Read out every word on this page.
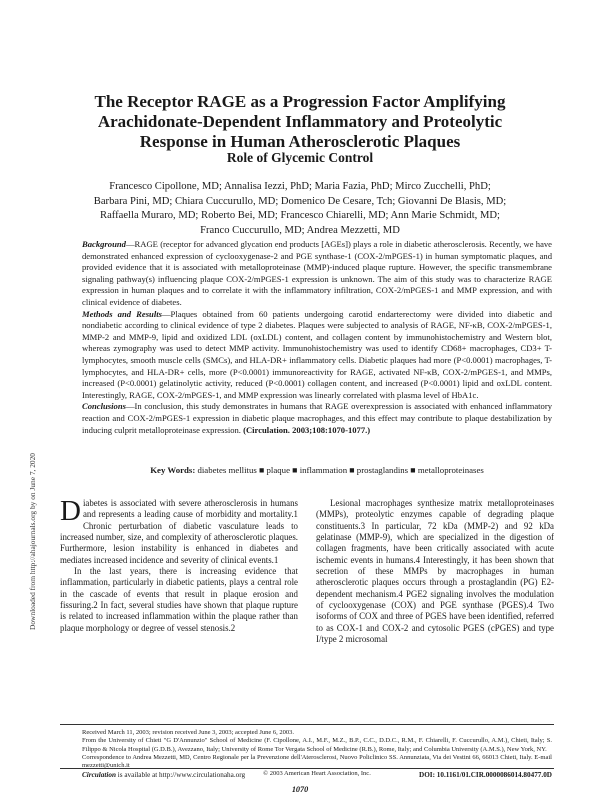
Downloaded from http://ahajournals.org by on June 7, 2020
The Receptor RAGE as a Progression Factor Amplifying
Arachidonate-Dependent Inflammatory and Proteolytic
Response in Human Atherosclerotic Plaques
Role of Glycemic Control
Francesco Cipollone, MD; Annalisa Iezzi, PhD; Maria Fazia, PhD; Mirco Zucchelli, PhD;
Barbara Pini, MD; Chiara Cuccurullo, MD; Domenico De Cesare, Tch; Giovanni De Blasis, MD;
Raffaella Muraro, MD; Roberto Bei, MD; Francesco Chiarelli, MD; Ann Marie Schmidt, MD;
Franco Cuccurullo, MD; Andrea Mezzetti, MD

Background—RAGE (receptor for advanced glycation end products [AGEs]) plays a role in diabetic atherosclerosis. Recently, we have demonstrated enhanced expression of cyclooxygenase-2 and PGE synthase-1 (COX-2/mPGES-1) in human symptomatic plaques, and provided evidence that it is associated with metalloproteinase (MMP)-induced plaque rupture. However, the specific transmembrane signaling pathway(s) influencing plaque COX-2/mPGES-1 expression is unknown. The aim of this study was to characterize RAGE expression in human plaques and to correlate it with the inflammatory infiltration, COX-2/mPGES-1 and MMP expression, and with clinical evidence of diabetes.

Methods and Results—Plaques obtained from 60 patients undergoing carotid endarterectomy were divided into diabetic and nondiabetic according to clinical evidence of type 2 diabetes. Plaques were subjected to analysis of RAGE, NF-κB, COX-2/mPGES-1, MMP-2 and MMP-9, lipid and oxidized LDL (oxLDL) content, and collagen content by immunohistochemistry and Western blot, whereas zymography was used to detect MMP activity. Immunohistochemistry was used to identify CD68+ macrophages, CD3+ T-lymphocytes, smooth muscle cells (SMCs), and HLA-DR+ inflammatory cells. Diabetic plaques had more (P<0.0001) macrophages, T-lymphocytes, and HLA-DR+ cells, more (P<0.0001) immunoreactivity for RAGE, activated NF-κB, COX-2/mPGES-1, and MMPs, increased (P<0.0001) gelatinolytic activity, reduced (P<0.0001) collagen content, and increased (P<0.0001) lipid and oxLDL content. Interestingly, RAGE, COX-2/mPGES-1, and MMP expression was linearly correlated with plasma level of HbA1c.

Conclusions—In conclusion, this study demonstrates in humans that RAGE overexpression is associated with enhanced inflammatory reaction and COX-2/mPGES-1 expression in diabetic plaque macrophages, and this effect may contribute to plaque destabilization by inducing culprit metalloproteinase expression. (Circulation. 2003;108:1070-1077.)

Key Words: diabetes mellitus ■ plaque ■ inflammation ■ prostaglandins ■ metalloproteinases

Diabetes is associated with severe atherosclerosis in humans and represents a leading cause of morbidity and mortality.1 Chronic perturbation of diabetic vasculature leads to increased number, size, and complexity of atherosclerotic plaques. Furthermore, lesion instability is enhanced in diabetes and mediates increased incidence and severity of clinical events.1

In the last years, there is increasing evidence that inflammation, particularly in diabetic patients, plays a central role in the cascade of events that result in plaque erosion and fissuring.2 In fact, several studies have shown that plaque rupture is related to increased inflammation within the plaque rather than plaque morphology or degree of vessel stenosis.2

Lesional macrophages synthesize matrix metalloproteinases (MMPs), proteolytic enzymes capable of degrading plaque constituents.3 In particular, 72 kDa (MMP-2) and 92 kDa gelatinase (MMP-9), which are specialized in the digestion of collagen fragments, have been critically associated with acute ischemic events in humans.4 Interestingly, it has been shown that secretion of these MMPs by macrophages in human atherosclerotic plaques occurs through a prostaglandin (PG) E2-dependent mechanism.4 PGE2 signaling involves the modulation of cyclooxygenase (COX) and PGE synthase (PGES).4 Two isoforms of COX and three of PGES have been identified, referred to as COX-1 and COX-2 and cytosolic PGES (cPGES) and type I/type 2 microsomal

Received March 11, 2003; revision received June 3, 2003; accepted June 6, 2003.

From the University of Chieti "G D'Annunzio" School of Medicine (F. Cipollone, A.I., M.F., M.Z., B.P., C.C., D.D.C., R.M., F. Chiarelli, F. Cuccurullo, A.M.), Chieti, Italy; S. Filippo & Nicola Hospital (G.D.B.), Avezzano, Italy; University of Rome Tor Vergata School of Medicine (R.B.), Rome, Italy; and Columbia University (A.M.S.), New York, NY.

Correspondence to Andrea Mezzetti, MD, Centro Regionale per la Prevenzione dell'Aterosclerosi, Nuovo Policlinico SS. Annunziata, Via dei Vestini 66, 66013 Chieti, Italy. E-mail mezzetti@unich.it

© 2003 American Heart Association, Inc.

Circulation is available at http://www.circulationaha.org	DOI: 10.1161/01.CIR.0000086014.80477.0D
1070
